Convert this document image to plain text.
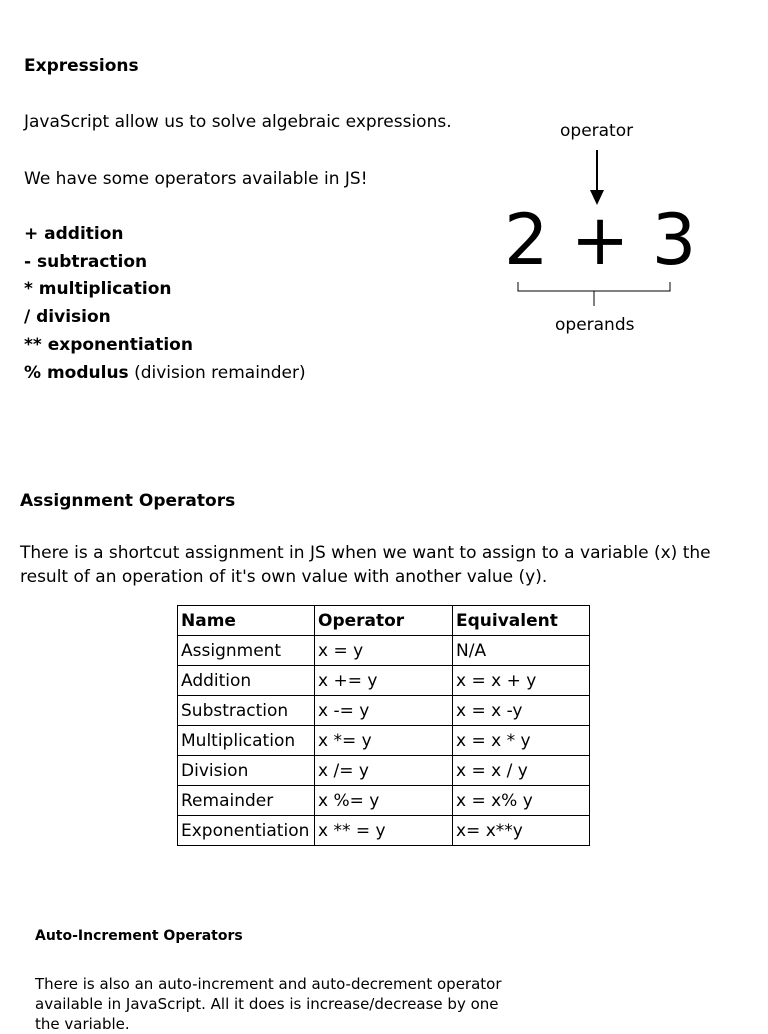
Expressions
JavaScript allow us to solve algebraic expressions.
We have some operators available in JS!
+ addition
- subtraction
* multiplication
/ division
** exponentiation
% modulus (division remainder)
operator
2 + 3
operands
Assignment Operators
There is a shortcut assignment in JS when we want to assign to a variable (x) the result of an operation of it's own value with another value (y).
Name	Operator	Equivalent
Assignment	x = y	N/A
Addition	x += y	x = x + y
Substraction	x -= y	x = x -y
Multiplication	x *= y	x = x * y
Division	x /= y	x = x / y
Remainder	x %= y	x = x% y
Exponentiation	x ** = y	x= x**y
Auto-Increment Operators
There is also an auto-increment and auto-decrement operator available in JavaScript. All it does is increase/decrease by one the variable.
